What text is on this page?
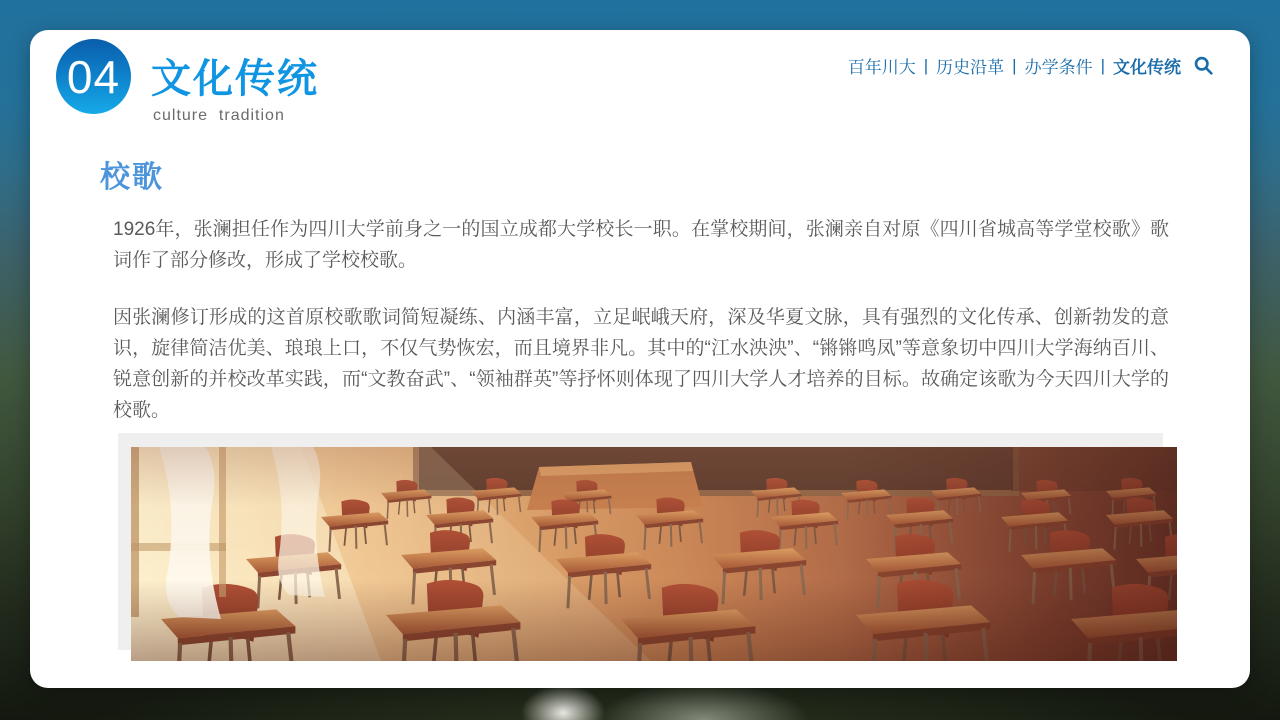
04 文化传统
culture  tradition
百年川大 | 历史沿革 | 办学条件 | 文化传统
校歌

1926年，张澜担任作为四川大学前身之一的国立成都大学校长一职。在掌校期间，张澜亲自对原《四川省城高等学堂校歌》歌词作了部分修改，形成了学校校歌。

因张澜修订形成的这首原校歌歌词简短凝练、内涵丰富，立足岷峨天府，深及华夏文脉，具有强烈的文化传承、创新勃发的意识，旋律简洁优美、琅琅上口，不仅气势恢宏，而且境界非凡。其中的“江水泱泱”、“锵锵鸣凤”等意象切中四川大学海纳百川、锐意创新的并校改革实践，而“文教奋武”、“领袖群英”等抒怀则体现了四川大学人才培养的目标。故确定该歌为今天四川大学的校歌。
